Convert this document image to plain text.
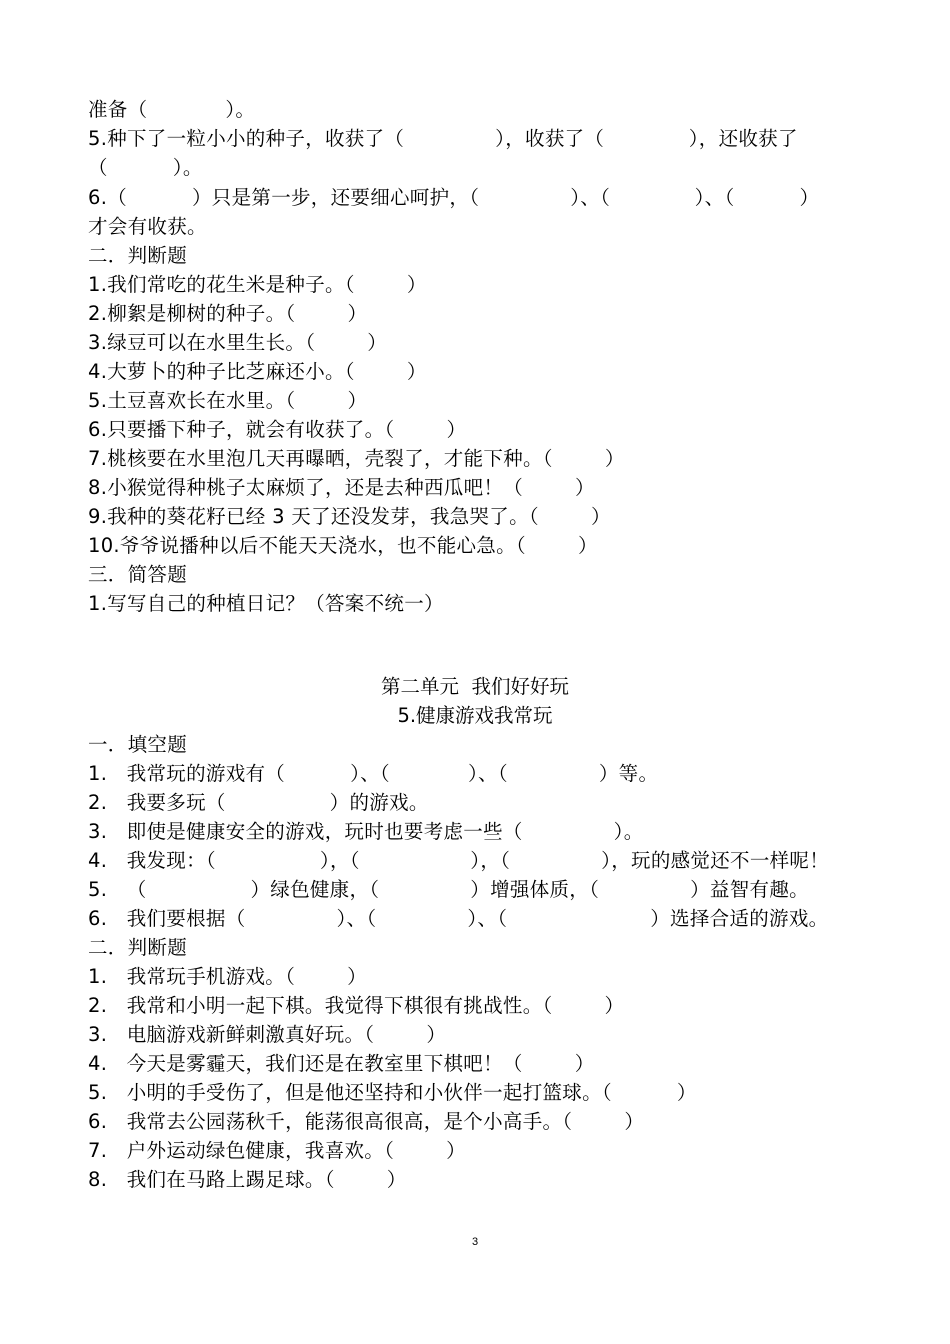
准备（            ）。
5.种下了一粒小小的种子，收获了（              ），收获了（             ），还收获了
（          ）。
6.（          ）只是第一步，还要细心呵护，（              ）、（             ）、（          ）
才会有收获。
二．判断题
1.我们常吃的花生米是种子。（        ）
2.柳絮是柳树的种子。（        ）
3.绿豆可以在水里生长。（        ）
4.大萝卜的种子比芝麻还小。（        ）
5.土豆喜欢长在水里。（        ）
6.只要播下种子，就会有收获了。（        ）
7.桃核要在水里泡几天再曝晒，壳裂了，才能下种。（        ）
8.小猴觉得种桃子太麻烦了，还是去种西瓜吧！（        ）
9.我种的葵花籽已经 3 天了还没发芽，我急哭了。（        ）
10.爷爷说播种以后不能天天浇水，也不能心急。（        ）
三．简答题
1.写写自己的种植日记？（答案不统一）
第二单元  我们好好玩
5.健康游戏我常玩
一．填空题
1.   我常玩的游戏有（          ）、（            ）、（              ）等。
2.   我要多玩（                ）的游戏。
3.   即使是健康安全的游戏，玩时也要考虑一些（              ）。
4.   我发现：（                ），（                 ），（              ），玩的感觉还不一样呢！
5.   （                ）绿色健康，（              ）增强体质，（              ）益智有趣。
6.   我们要根据（              ）、（              ）、（                      ）选择合适的游戏。
二．判断题
1.   我常玩手机游戏。（        ）
2.   我常和小明一起下棋。我觉得下棋很有挑战性。（        ）
3.   电脑游戏新鲜刺激真好玩。（        ）
4.   今天是雾霾天，我们还是在教室里下棋吧！（        ）
5.   小明的手受伤了，但是他还坚持和小伙伴一起打篮球。（          ）
6.   我常去公园荡秋千，能荡很高很高，是个小高手。（        ）
7.   户外运动绿色健康，我喜欢。（        ）
8.   我们在马路上踢足球。（        ）
3
